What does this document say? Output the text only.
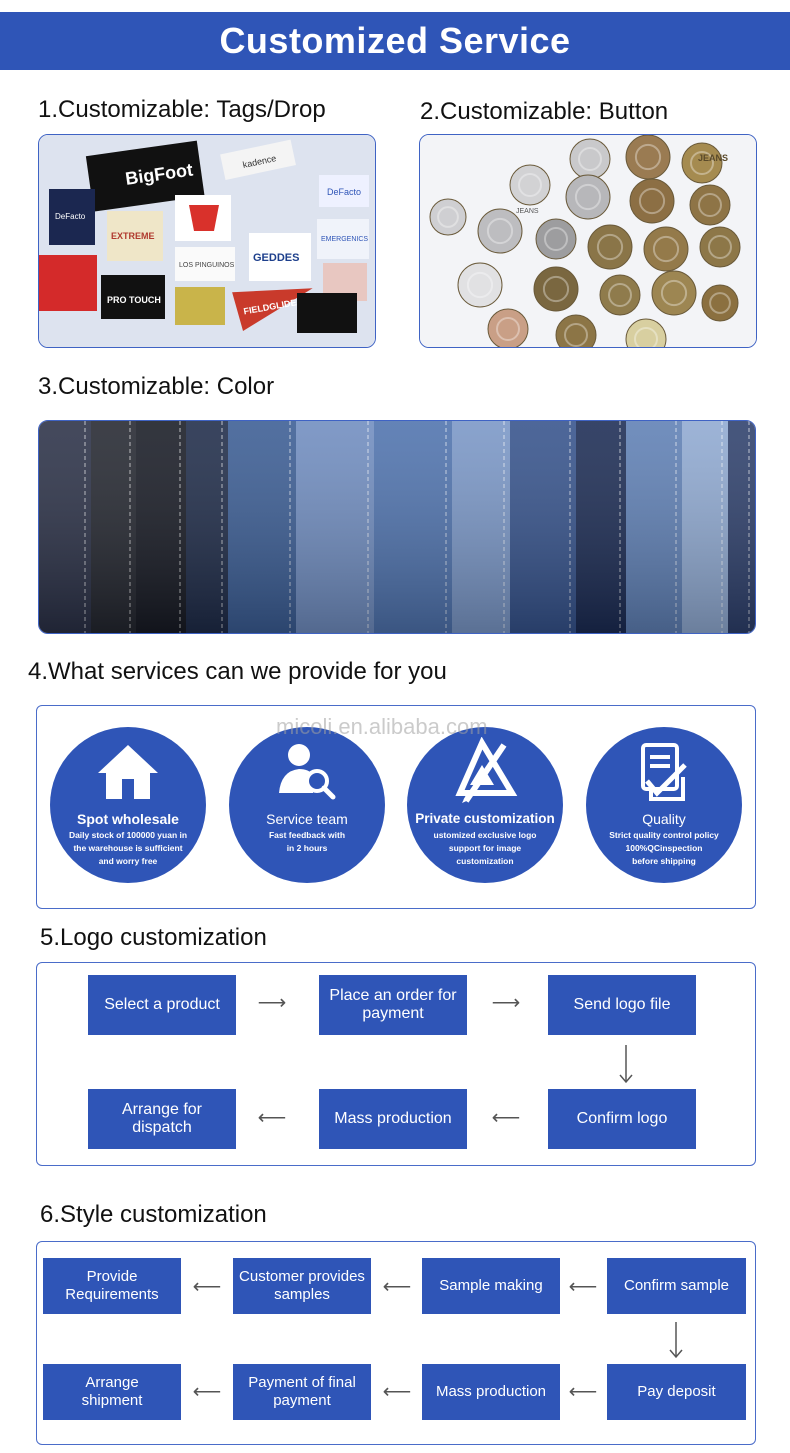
Customized Service
1.Customizable: Tags/Drop
BigFoot	kadence
DeFacto
DeFacto
EXTREME
GEDDES
EMERGENICS
PRO TOUCH	FIELDGLIDE
LOS PINGUINOS
2.Customizable: Button
JEANS
JEANS
3.Customizable: Color
4.What services can we provide for you
Spot wholesale
Daily stock of 100000 yuan in
the warehouse is sufficient
and worry free
Service team
Fast feedback with
in 2 hours
Private customization
ustomized exclusive logo
support for image
customization
Quality
Strict quality control policy
100%QCinspection
before shipping
micoli.en.alibaba.com
5.Logo customization
Select a product	⟶	Place an order for payment	⟶	Send logo file
Confirm logo
⟵
Mass production
⟵
Arrange for dispatch
6.Style customization
Provide Requirements	⟵	Customer provides samples	⟵	Sample making	⟵	Confirm sample
Pay deposit
⟵
Mass production
⟵
Payment of final payment
⟵
Arrange shipment
